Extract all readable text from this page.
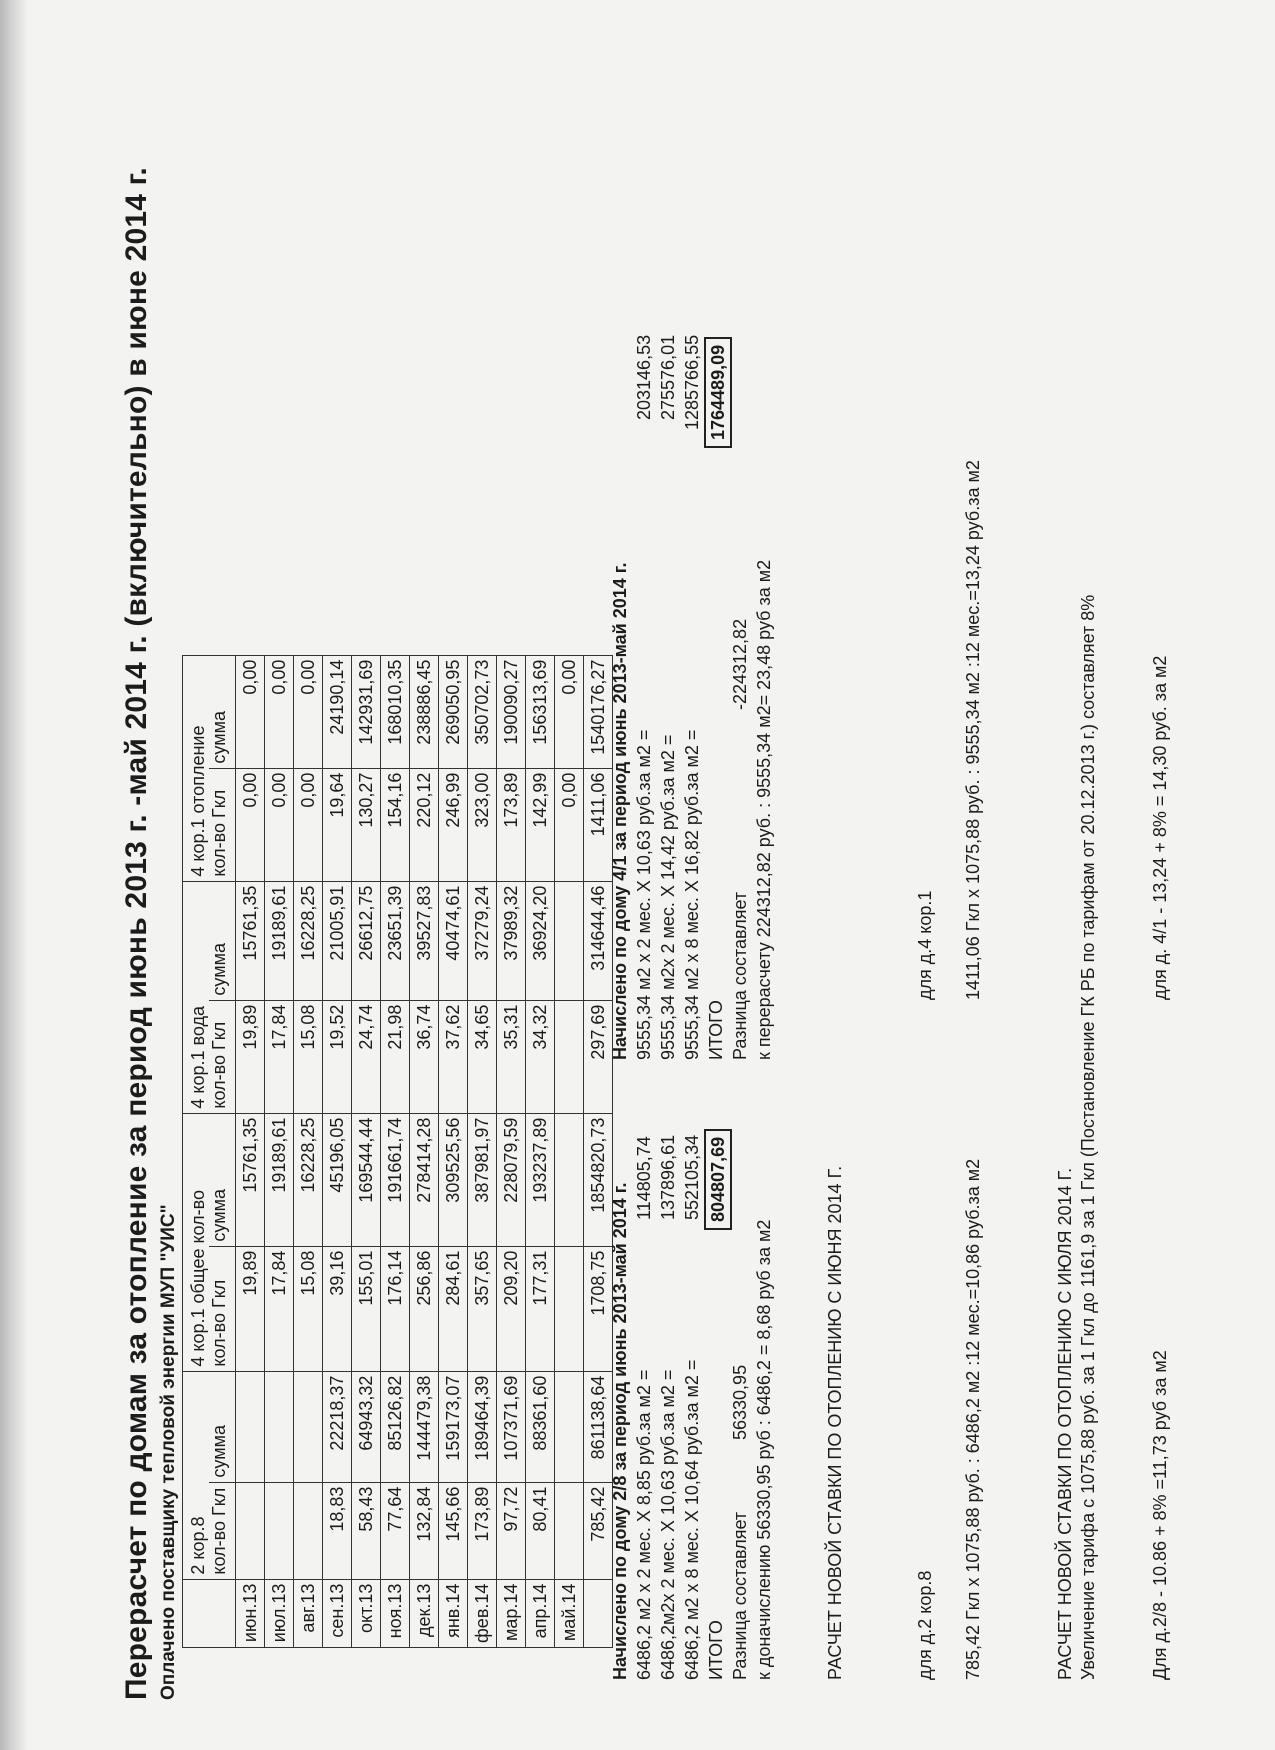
Перерасчет по домам за отопление за период июнь 2013 г. -май 2014 г. (включительно) в июне 2014 г. Оплачено поставщику тепловой энергии МУП "УИС"
	2 кор.8		4 кор.1 общее кол-во		4 кор.1 вода		4 кор.1 отопление	
	кол-во Гкл	сумма	кол-во Гкл	сумма	кол-во Гкл	сумма	кол-во Гкл	сумма
июн.13			19,89	15761,35	19,89	15761,35	0,00	0,00
июл.13			17,84	19189,61	17,84	19189,61	0,00	0,00
авг.13			15,08	16228,25	15,08	16228,25	0,00	0,00
сен.13	18,83	22218,37	39,16	45196,05	19,52	21005,91	19,64	24190,14
окт.13	58,43	64943,32	155,01	169544,44	24,74	26612,75	130,27	142931,69
ноя.13	77,64	85126,82	176,14	191661,74	21,98	23651,39	154,16	168010,35
дек.13	132,84	144479,38	256,86	278414,28	36,74	39527,83	220,12	238886,45
янв.14	145,66	159173,07	284,61	309525,56	37,62	40474,61	246,99	269050,95
фев.14	173,89	189464,39	357,65	387981,97	34,65	37279,24	323,00	350702,73
мар.14	97,72	107371,69	209,20	228079,59	35,31	37989,32	173,89	190090,27
апр.14	80,41	88361,60	177,31	193237,89	34,32	36924,20	142,99	156313,69
май.14							0,00	0,00
	785,42	861138,64	1708,75	1854820,73	297,69	314644,46	1411,06	1540176,27
Начислено по дому 2/8 за период июнь 2013-май 2014 г. 6486,2 м2 х 2 мес. Х 8,85 руб.за м2 =
114805,74
6486,2м2х 2 мес. Х 10,63 руб.за м2 =
137896,61
6486,2 м2 х 8 мес. Х 10,64 руб.за м2 =
552105,34
ИТОГО
804807,69
Разница составляет
56330,95 к доначислению 56330,95 руб : 6486,2 = 8,68 руб за м2
Начислено по дому 4/1 за период июнь 2013-май 2014 г. 9555,34 м2 х 2 мес. Х 10,63 руб.за м2 =
203146,53
9555,34 м2х 2 мес. Х 14,42 руб.за м2 =
275576,01
9555,34 м2 х 8 мес. Х 16,82 руб.за м2 =
1285766,55
ИТОГО
1764489,09
Разница составляет
-224312,82 к перерасчету 224312,82 руб. : 9555,34 м2= 23,48 руб за м2
РАСЧЕТ НОВОЙ СТАВКИ ПО ОТОПЛЕНИЮ С ИЮНЯ 2014 Г.	для д.2 кор.8
для д.4 кор.1
785,42 Гкл х 1075,88 руб. : 6486,2 м2 :12 мес.=10,86 руб.за м2
1411,06 Гкл х 1075,88 руб. : 9555,34 м2 :12 мес.=13,24 руб.за м2
РАСЧЕТ НОВОЙ СТАВКИ ПО ОТОПЛЕНИЮ С ИЮЛЯ 2014 Г. Увеличение тарифа с 1075,88 руб. за 1 Гкл до 1161,9 за 1 Гкл (Постановление ГК РБ по тарифам от 20.12.2013 г.) составляет 8%	Для д.2/8 - 10.86 + 8% =11,73 руб за м2
для д. 4/1 - 13,24 + 8% = 14,30 руб. за м2
